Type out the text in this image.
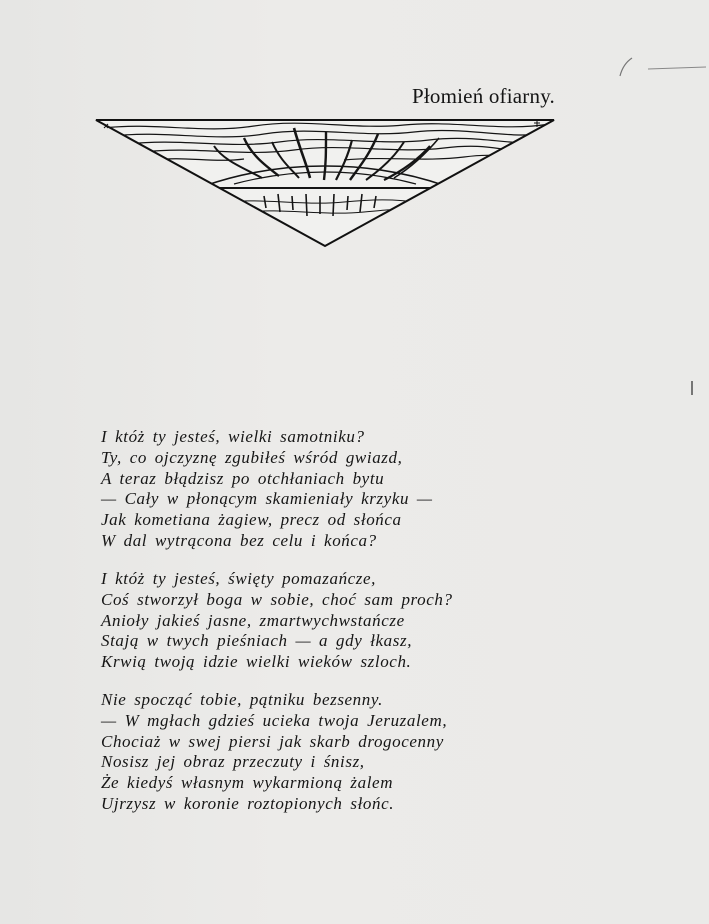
Płomień ofiarny.
I któż ty jesteś, wielki samotniku?
Ty, co ojczyznę zgubiłeś wśród gwiazd,
A teraz błądzisz po otchłaniach bytu
— Cały w płonącym skamieniały krzyku —
Jak kometiana żagiew, precz od słońca
W dal wytrącona bez celu i końca?
I któż ty jesteś, święty pomazańcze,
Coś stworzył boga w sobie, choć sam proch?
Anioły jakieś jasne, zmartwychwstańcze
Stają w twych pieśniach — a gdy łkasz,
Krwią twoją idzie wielki wieków szloch.
Nie spocząć tobie, pątniku bezsenny.
— W mgłach gdzieś ucieka twoja Jeruzalem,
Chociaż w swej piersi jak skarb drogocenny
Nosisz jej obraz przeczuty i śnisz,
Że kiedyś własnym wykarmioną żalem
Ujrzysz w koronie roztopionych słońc.
